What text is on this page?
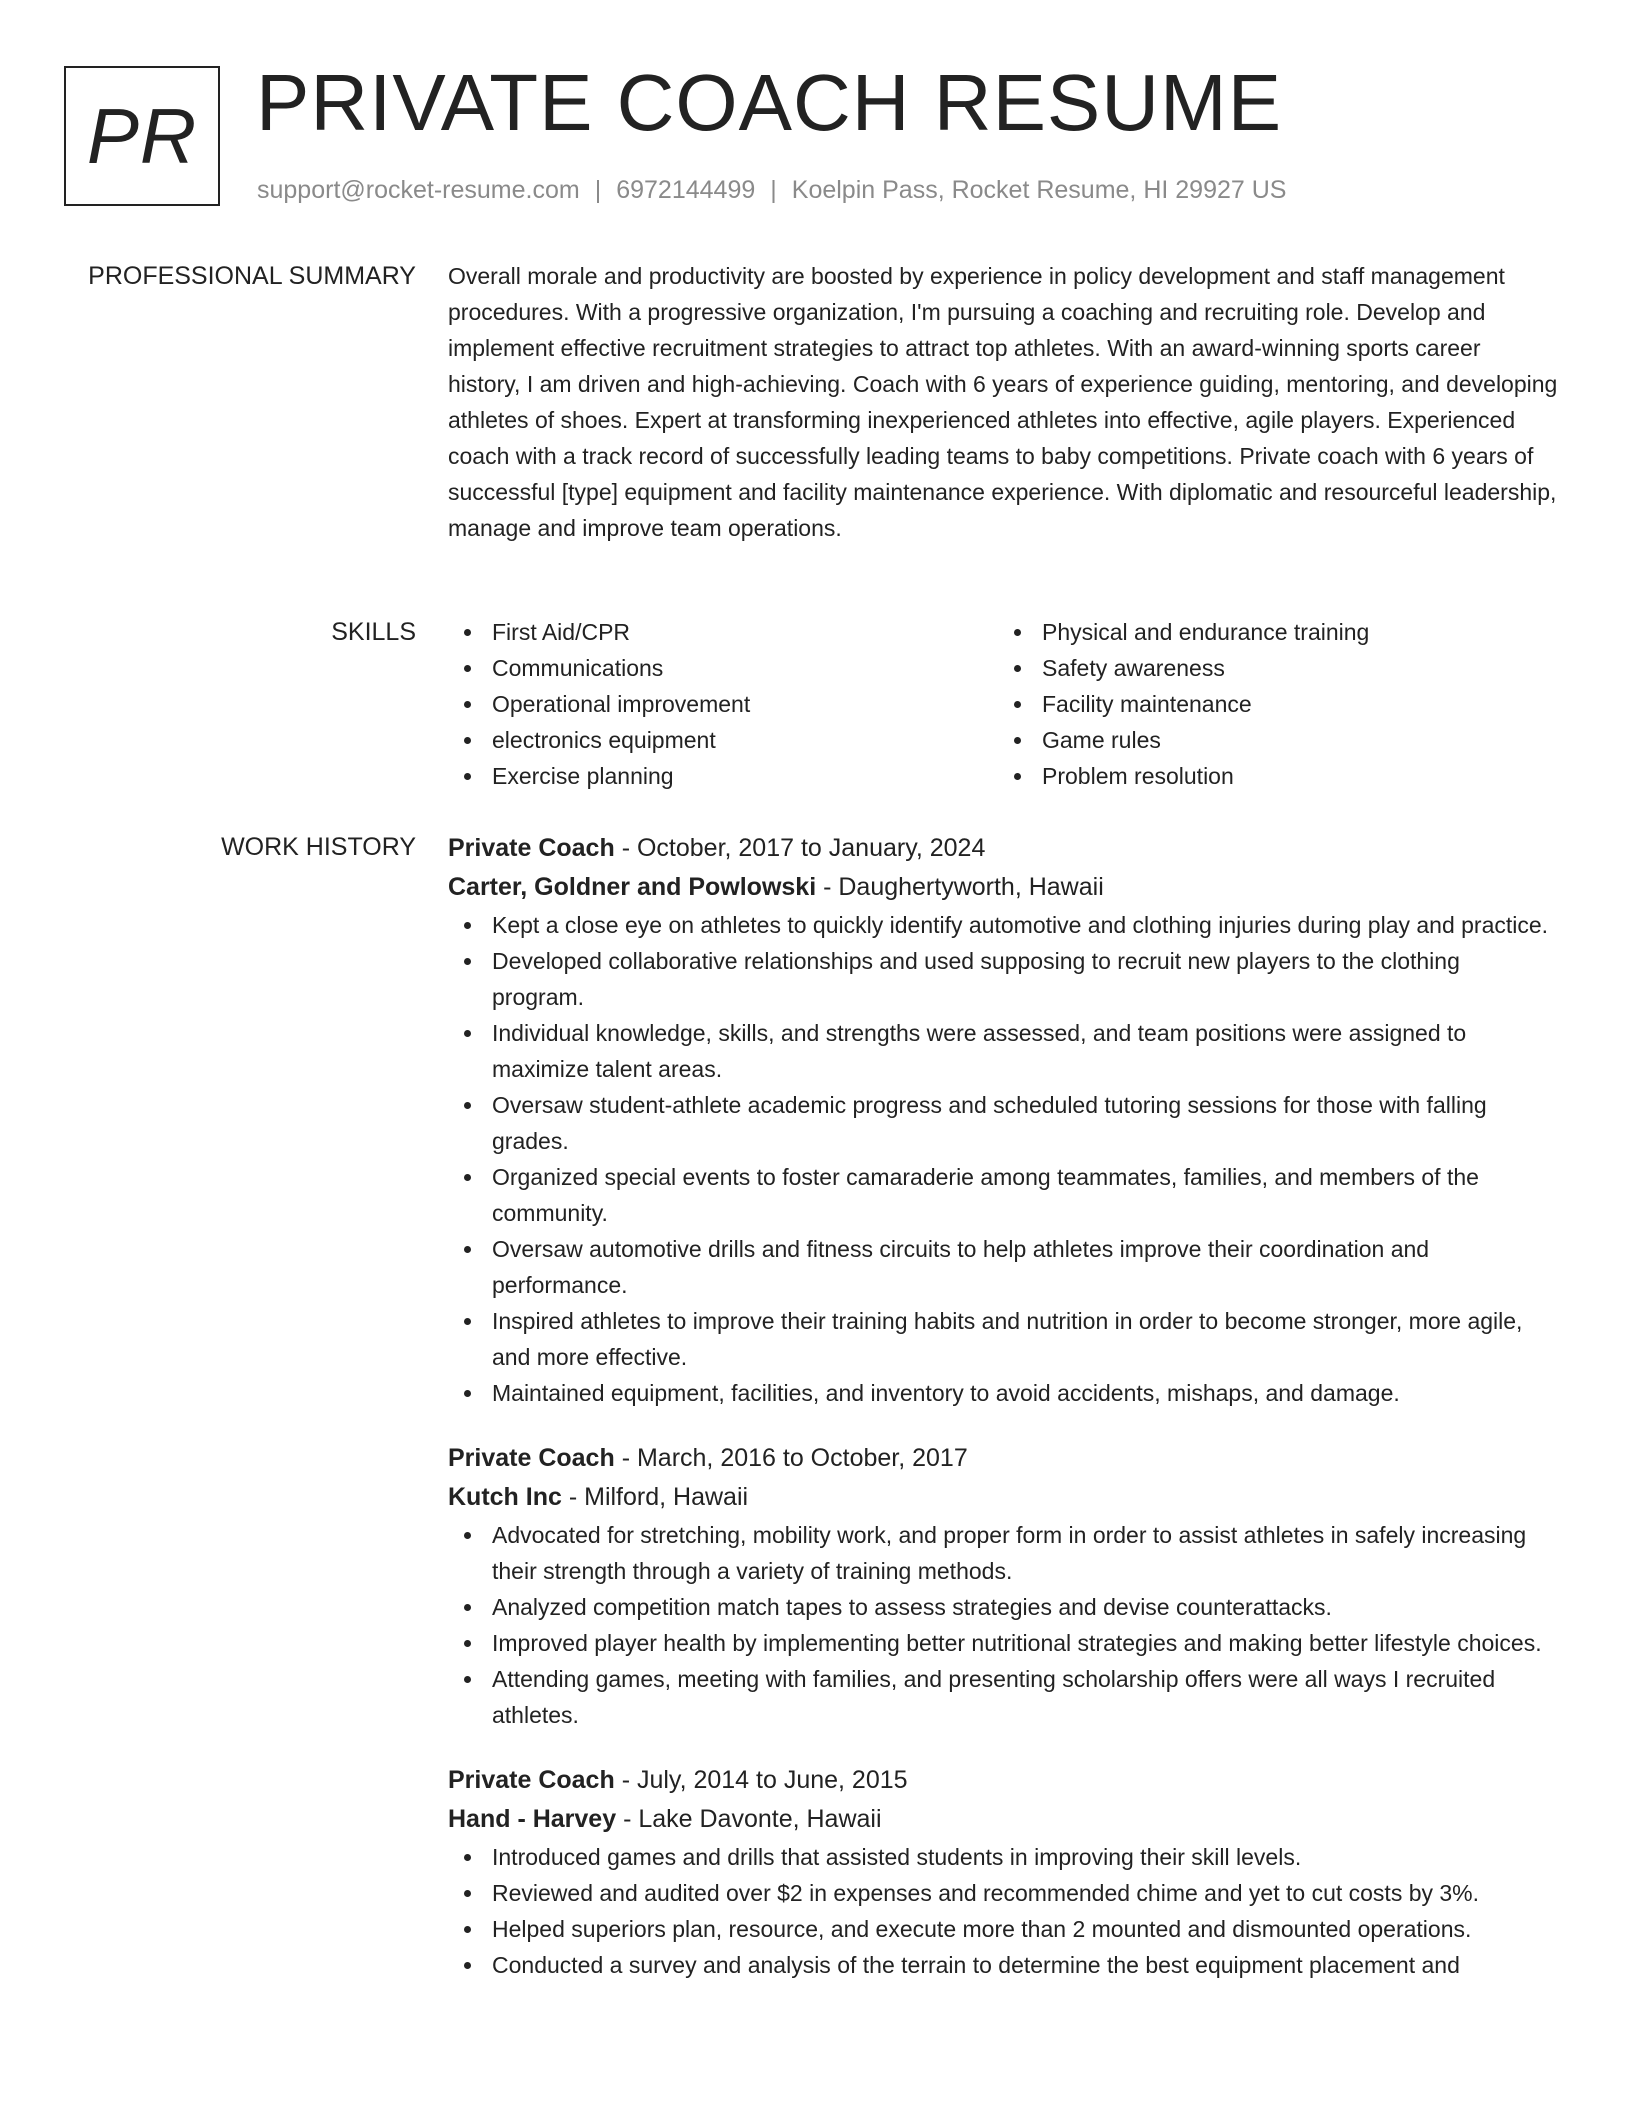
PR PRIVATE COACH RESUME
support@rocket-resume.com | 6972144499 | Koelpin Pass, Rocket Resume, HI 29927 US
PROFESSIONAL SUMMARY Overall morale and productivity are boosted by experience in policy development and staff management procedures. With a progressive organization, I'm pursuing a coaching and recruiting role. Develop and implement effective recruitment strategies to attract top athletes. With an award-winning sports career history, I am driven and high-achieving. Coach with 6 years of experience guiding, mentoring, and developing athletes of shoes. Expert at transforming inexperienced athletes into effective, agile players. Experienced coach with a track record of successfully leading teams to baby competitions. Private coach with 6 years of successful [type] equipment and facility maintenance experience. With diplomatic and resourceful leadership, manage and improve team operations.

SKILLS	First Aid/CPR
Communications
Operational improvement
electronics equipment
Exercise planning
Physical and endurance training
Safety awareness
Facility maintenance
Game rules
Problem resolution
WORK HISTORY Private Coach - October, 2017 to January, 2024
Carter, Goldner and Powlowski - Daughertyworth, Hawaii
Kept a close eye on athletes to quickly identify automotive and clothing injuries during play and practice.
Developed collaborative relationships and used supposing to recruit new players to the clothing program.
Individual knowledge, skills, and strengths were assessed, and team positions were assigned to maximize talent areas.
Oversaw student-athlete academic progress and scheduled tutoring sessions for those with falling grades.
Organized special events to foster camaraderie among teammates, families, and members of the community.
Oversaw automotive drills and fitness circuits to help athletes improve their coordination and performance.
Inspired athletes to improve their training habits and nutrition in order to become stronger, more agile, and more effective.
Maintained equipment, facilities, and inventory to avoid accidents, mishaps, and damage.
Private Coach - March, 2016 to October, 2017
Kutch Inc - Milford, Hawaii
Advocated for stretching, mobility work, and proper form in order to assist athletes in safely increasing their strength through a variety of training methods.
Analyzed competition match tapes to assess strategies and devise counterattacks.
Improved player health by implementing better nutritional strategies and making better lifestyle choices.
Attending games, meeting with families, and presenting scholarship offers were all ways I recruited athletes.
Private Coach - July, 2014 to June, 2015
Hand - Harvey - Lake Davonte, Hawaii
Introduced games and drills that assisted students in improving their skill levels.
Reviewed and audited over $2 in expenses and recommended chime and yet to cut costs by 3%.
Helped superiors plan, resource, and execute more than 2 mounted and dismounted operations.
Conducted a survey and analysis of the terrain to determine the best equipment placement and
